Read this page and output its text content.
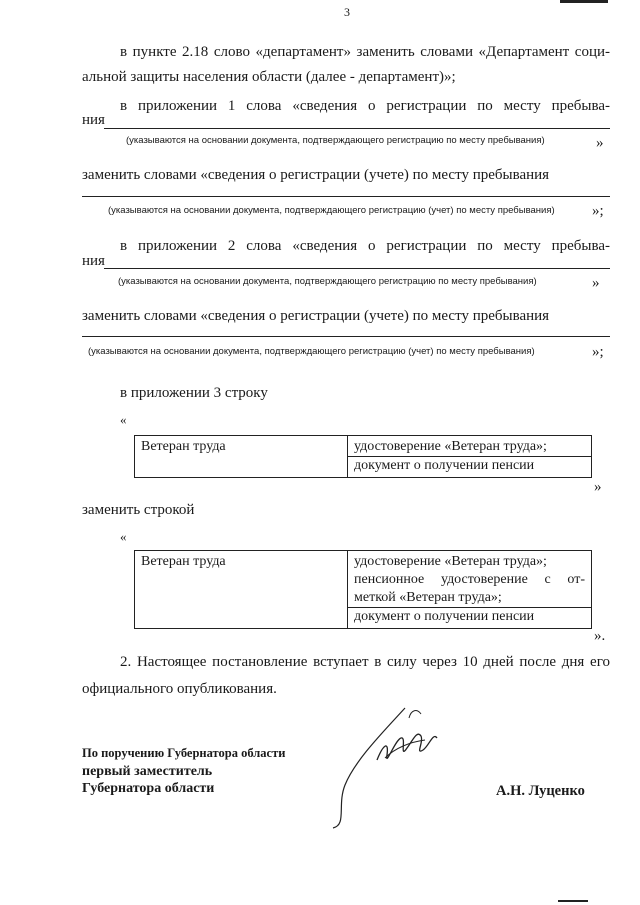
3
в пункте 2.18 слово «департамент» заменить словами «Департамент соци-
альной защиты населения области (далее - департамент)»;
в приложении 1 слова «сведения о регистрации по месту пребыва-
ния
(указываются на основании документа, подтверждающего регистрацию по месту пребывания)	»
заменить словами «сведения о регистрации (учете) по месту пребывания
(указываются на основании документа, подтверждающего регистрацию (учет) по месту пребывания) »;
в приложении 2 слова «сведения о регистрации по месту пребыва-
ния
(указываются на основании документа, подтверждающего регистрацию по месту пребывания)	»
заменить словами «сведения о регистрации (учете) по месту пребывания
(указываются на основании документа, подтверждающего регистрацию (учет) по месту пребывания)	»;
в приложении 3 строку
«
Ветеран труда	удостоверение «Ветеран труда»;
документ о получении пенсии
»
заменить строкой
«
Ветеран труда	удостоверение «Ветеран труда»;
пенсионное удостоверение с от-
меткой «Ветеран труда»;
документ о получении пенсии
».
2. Настоящее постановление вступает в силу через 10 дней после дня его
официального опубликования.
По поручению Губернатора области
первый заместитель
Губернатора области	А.Н. Луценко
